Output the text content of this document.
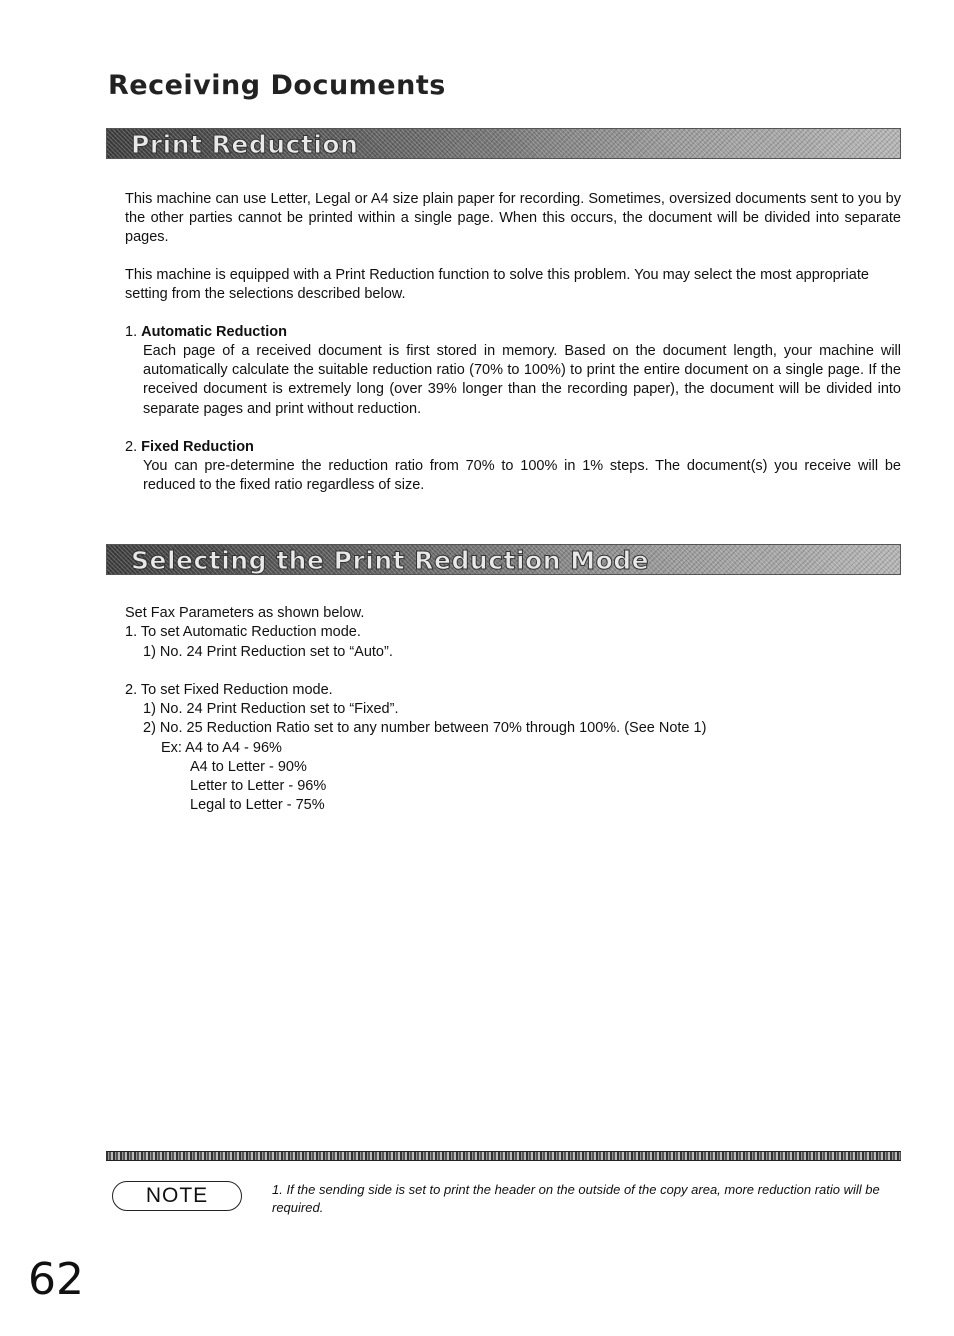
Receiving Documents
Print Reduction

This machine can use Letter, Legal or A4 size plain paper for recording. Sometimes, oversized documents sent to you by the other parties cannot be printed within a single page. When this occurs, the document will be divided into separate pages.

This machine is equipped with a Print Reduction function to solve this problem. You may select the most appropriate setting from the selections described below.

1. Automatic Reduction

Each page of a received document is first stored in memory. Based on the document length, your machine will automatically calculate the suitable reduction ratio (70% to 100%) to print the entire document on a single page. If the received document is extremely long (over 39% longer than the recording paper), the document will be divided into separate pages and print without reduction.

2. Fixed Reduction

You can pre-determine the reduction ratio from 70% to 100% in 1% steps. The document(s) you receive will be reduced to the fixed ratio regardless of size.

Selecting the Print Reduction Mode
Set Fax Parameters as shown below.
1. To set Automatic Reduction mode.
1) No. 24 Print Reduction set to “Auto”.
2. To set Fixed Reduction mode.
1) No. 24 Print Reduction set to “Fixed”.
2) No. 25 Reduction Ratio set to any number between 70% through 100%. (See Note 1)
Ex: A4 to A4 - 96%
A4 to Letter - 90%
Letter to Letter - 96%
Legal to Letter - 75%
NOTE	1. If the sending side is set to print the header on the outside of the copy area, more reduction ratio will be required.

62
